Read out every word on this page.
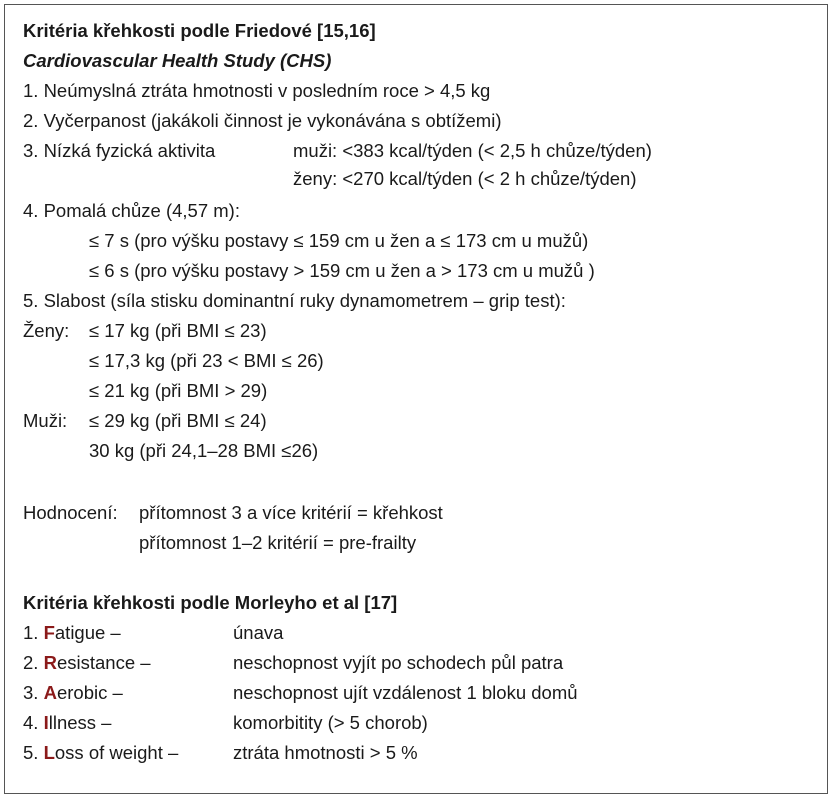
Kritéria křehkosti podle Friedové [15,16]
Cardiovascular Health Study (CHS)
1. Neúmyslná ztráta hmotnosti v posledním roce > 4,5 kg
2. Vyčerpanost (jakákoli činnost je vykonávána s obtížemi)
3. Nízká fyzická aktivita	muži: <383 kcal/týden (< 2,5 h chůze/týden)
ženy: <270 kcal/týden (< 2 h chůze/týden)
4. Pomalá chůze (4,57 m):
≤ 7 s (pro výšku postavy ≤ 159 cm u žen a ≤ 173 cm u mužů)
≤ 6 s (pro výšku postavy > 159 cm u žen a > 173 cm u mužů )
5. Slabost (síla stisku dominantní ruky dynamometrem – grip test):
Ženy: ≤ 17 kg (při BMI ≤ 23)
≤ 17,3 kg (při 23 < BMI ≤ 26)
≤ 21 kg (při BMI > 29)
Muži: ≤ 29 kg (při BMI ≤ 24)
30 kg (při 24,1–28 BMI ≤26)
Hodnocení: přítomnost 3 a více kritérií = křehkost
přítomnost 1–2 kritérií = pre-frailty
Kritéria křehkosti podle Morleyho et al [17]
1. Fatigue –	únava
2. Resistance –	neschopnost vyjít po schodech půl patra
3. Aerobic –	neschopnost ujít vzdálenost 1 bloku domů
4. Illness –	komorbitity (> 5 chorob)
5. Loss of weight –	ztráta hmotnosti > 5 %
